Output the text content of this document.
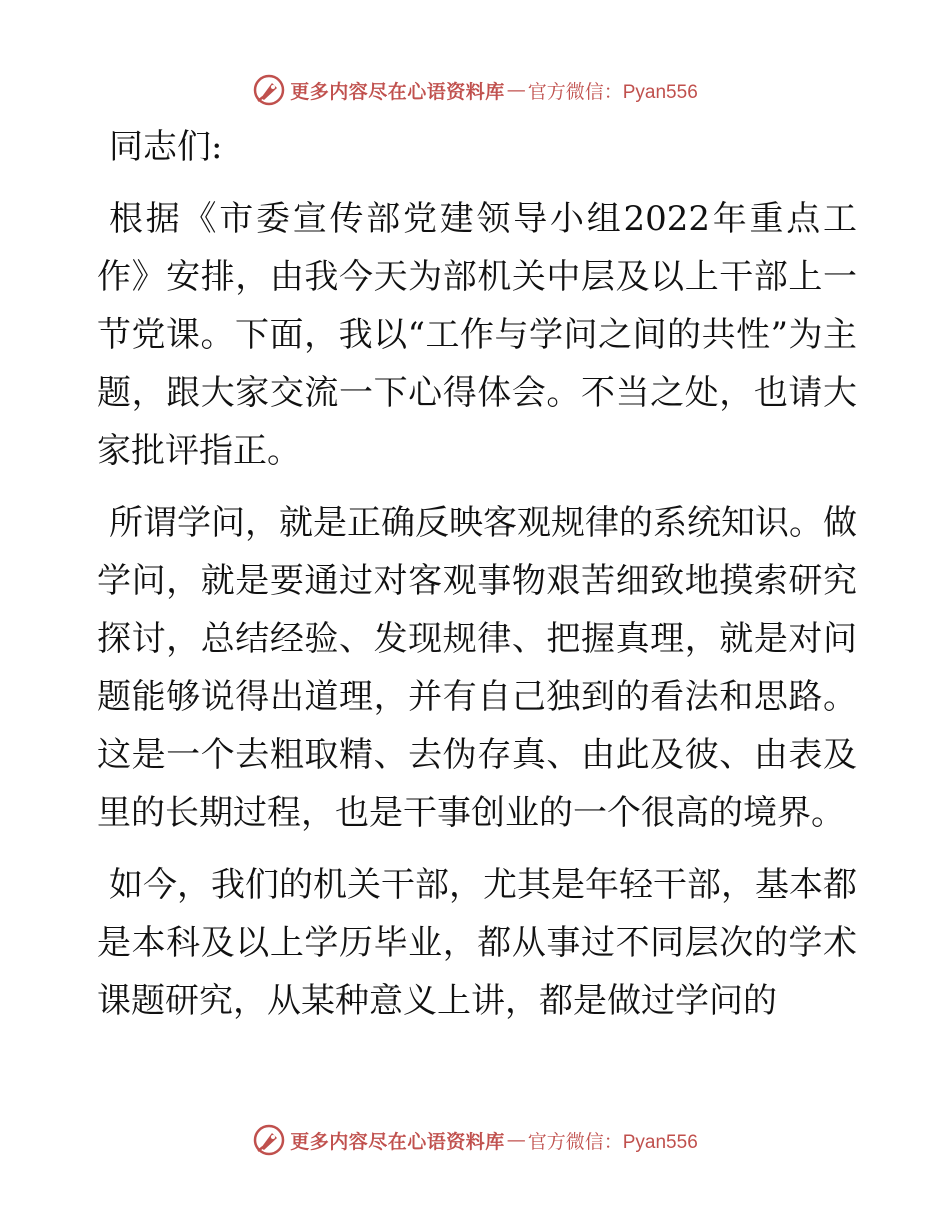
更多内容尽在心语资料库 — 官方微信：Pyan556

同志们:

根据《市委宣传部党建领导小组2022年重点工作》安排，由我今天为部机关中层及以上干部上一节党课。下面，我以“工作与学问之间的共性”为主题，跟大家交流一下心得体会。不当之处，也请大家批评指正。

所谓学问，就是正确反映客观规律的系统知识。做学问，就是要通过对客观事物艰苦细致地摸索研究探讨，总结经验、发现规律、把握真理，就是对问题能够说得出道理，并有自己独到的看法和思路。这是一个去粗取精、去伪存真、由此及彼、由表及里的长期过程，也是干事创业的一个很高的境界。

如今，我们的机关干部，尤其是年轻干部，基本都是本科及以上学历毕业，都从事过不同层次的学术课题研究，从某种意义上讲，都是做过学问的

更多内容尽在心语资料库 — 官方微信：Pyan556
